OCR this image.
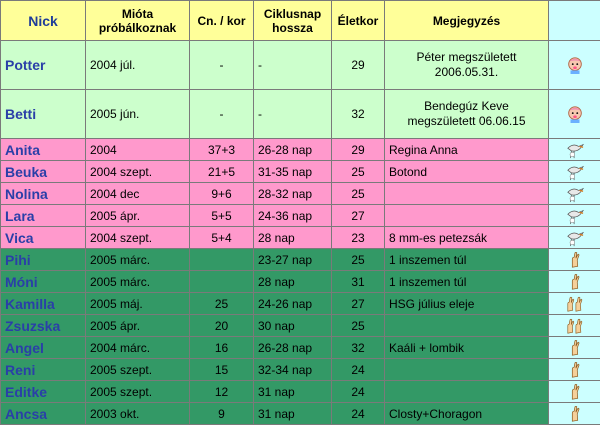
Nick	Mióta próbálkoznak	Cn. / kor	Ciklusnap hossza	Életkor	Megjegyzés	
Potter	2004 júl.	-	-	29	Péter megszületett 2006.05.31.	
Betti	2005 jún.	-	-	32	Bendegúz Keve megszületett 06.06.15	
Anita	2004	37+3	26-28 nap	29	Regina Anna	
Beuka	2004 szept.	21+5	31-35 nap	25	Botond	
Nolina	2004 dec	9+6	28-32 nap	25		
Lara	2005 ápr.	5+5	24-36 nap	27		
Vica	2004 szept.	5+4	28 nap	23	8 mm-es petezsák	
Pihi	2005 márc.		23-27 nap	25	1 inszemen túl	
Móni	2005 márc.		28 nap	31	1 inszemen túl	
Kamilla	2005 máj.	25	24-26 nap	27	HSG július eleje	
Zsuzska	2005 ápr.	20	30 nap	25		
Angel	2004 márc.	16	26-28 nap	32	Kaáli + lombik	
Reni	2005 szept.	15	32-34 nap	24		
Editke	2005 szept.	12	31 nap	24		
Ancsa	2003 okt.	9	31 nap	24	Closty+Choragon	
